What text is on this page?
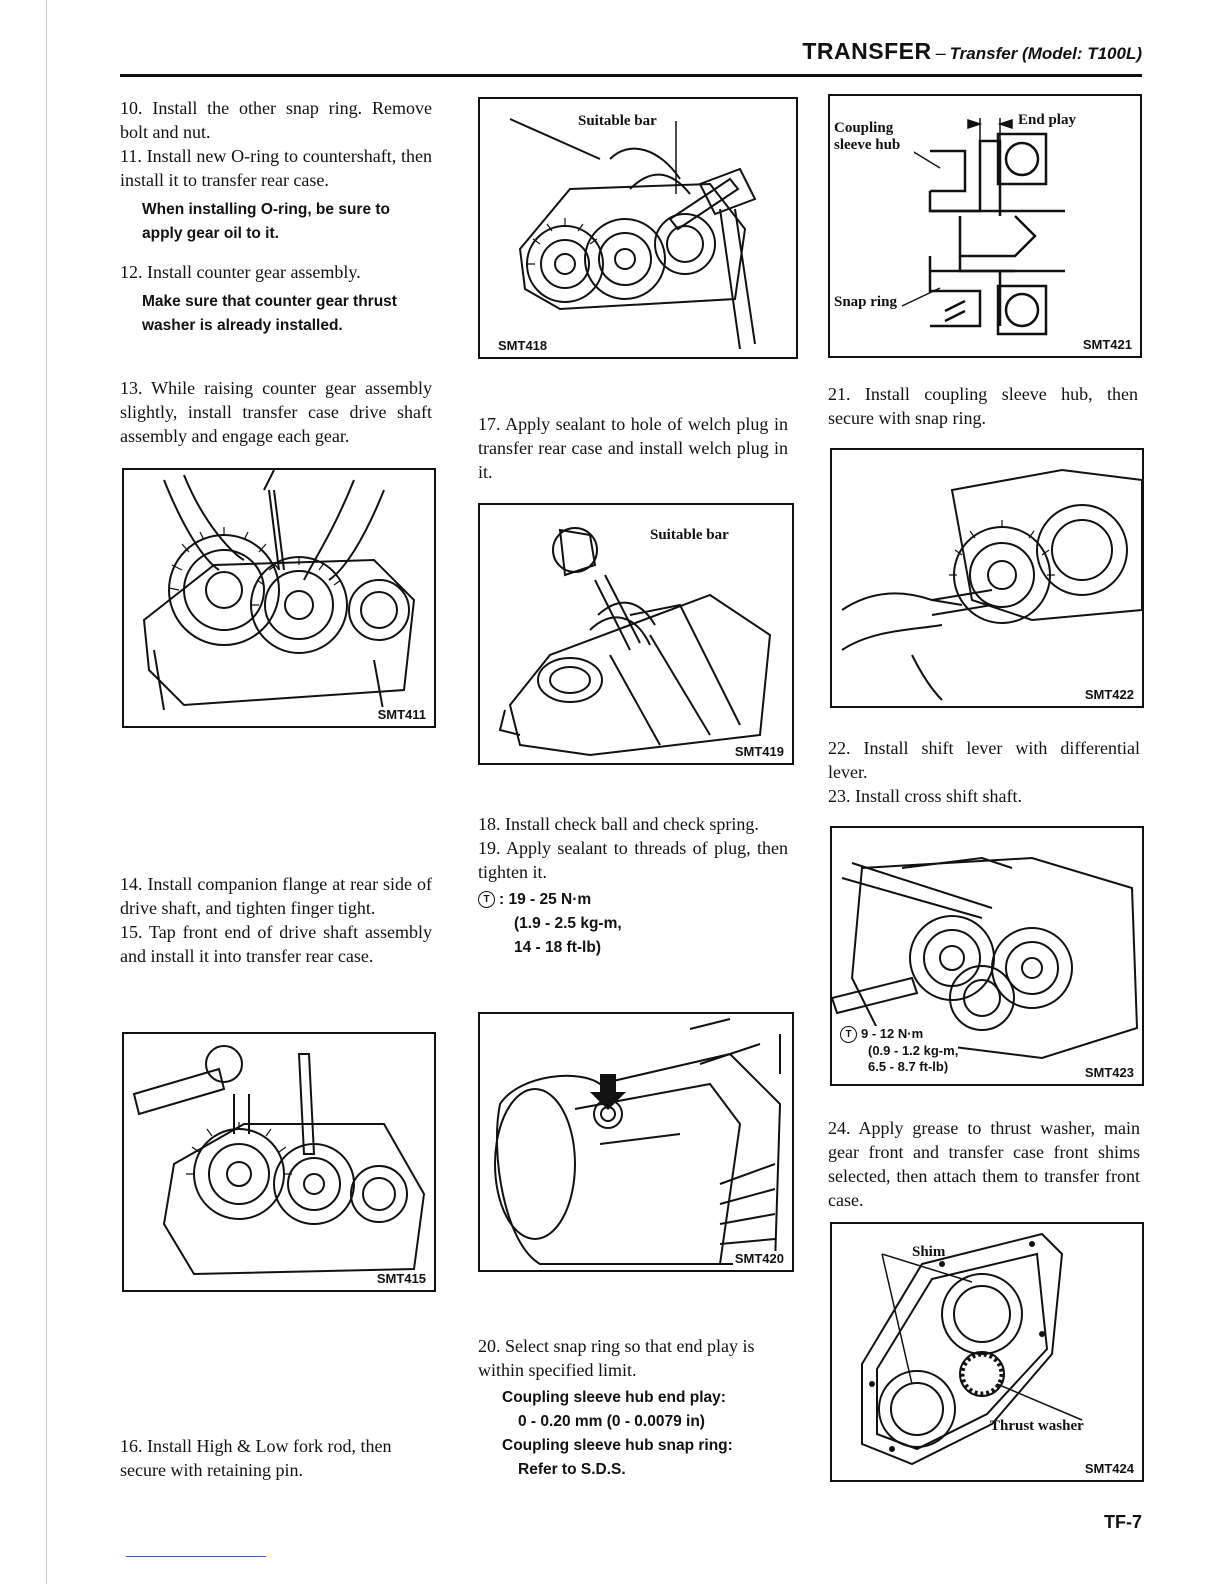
TRANSFER – Transfer (Model: T100L)

10. Install the other snap ring. Remove bolt and nut.

11. Install new O-ring to countershaft, then install it to transfer rear case.

When installing O-ring, be sure to apply gear oil to it.

12. Install counter gear assembly.

Make sure that counter gear thrust washer is already installed.

13. While raising counter gear assembly slightly, install transfer case drive shaft assembly and engage each gear.

SMT411

14. Install companion flange at rear side of drive shaft, and tighten finger tight.

15. Tap front end of drive shaft assembly and install it into transfer rear case.

SMT415

16. Install High & Low fork rod, then secure with retaining pin.

Suitable bar
SMT418

17. Apply sealant to hole of welch plug in transfer rear case and install welch plug in it.

Suitable bar
SMT419

18. Install check ball and check spring.

19. Apply sealant to threads of plug, then tighten it.

T : 19 - 25 N·m
(1.9 - 2.5 kg-m,
14 - 18 ft-lb)
SMT420

20. Select snap ring so that end play is within specified limit.

Coupling sleeve hub end play:
0 - 0.20 mm (0 - 0.0079 in)
Coupling sleeve hub snap ring:
Refer to S.D.S.
Coupling sleeve hub
End play
Snap ring
SMT421

21. Install coupling sleeve hub, then secure with snap ring.

SMT422

22. Install shift lever with differential lever.

23. Install cross shift shaft.

T 9 - 12 N·m
(0.9 - 1.2 kg-m,
6.5 - 8.7 ft-lb)	SMT423

24. Apply grease to thrust washer, main gear front and transfer case front shims selected, then attach them to transfer front case.

Shim
Thrust washer
SMT424
TF-7
